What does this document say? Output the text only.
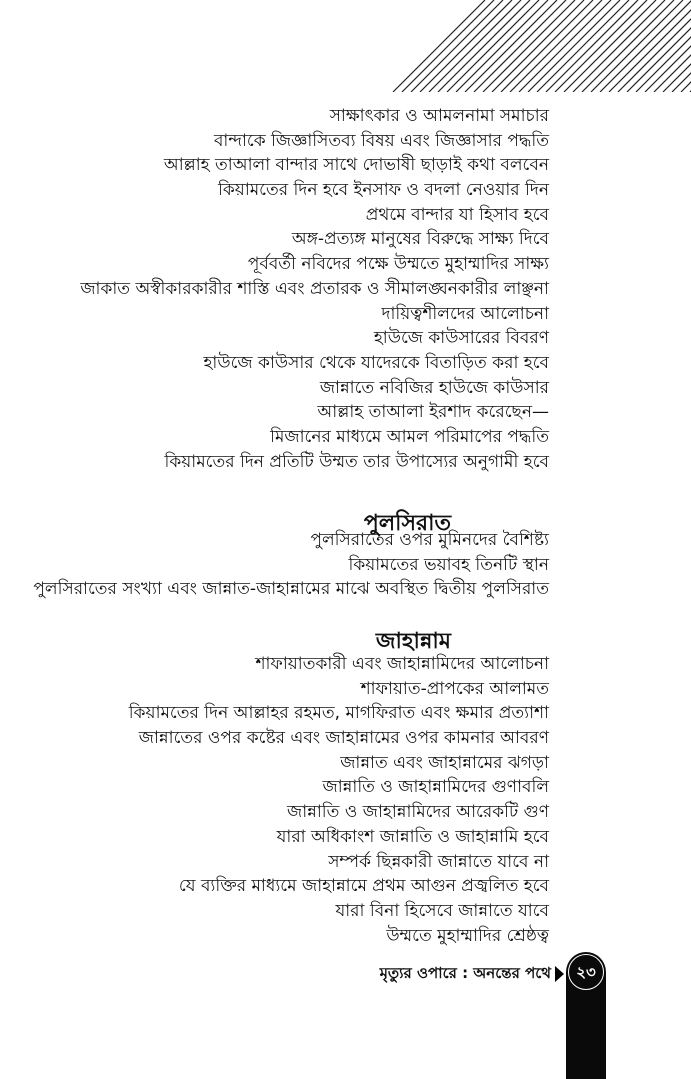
সাক্ষাৎকার ও আমলনামা সমাচার
বান্দাকে জিজ্ঞাসিতব্য বিষয় এবং জিজ্ঞাসার পদ্ধতি
আল্লাহ তাআলা বান্দার সাথে দোভাষী ছাড়াই কথা বলবেন
কিয়ামতের দিন হবে ইনসাফ ও বদলা নেওয়ার দিন
প্রথমে বান্দার যা হিসাব হবে
অঙ্গ-প্রত্যঙ্গ মানুষের বিরুদ্ধে সাক্ষ্য দিবে
পূর্ববর্তী নবিদের পক্ষে উম্মতে মুহাম্মাদির সাক্ষ্য
জাকাত অস্বীকারকারীর শাস্তি এবং প্রতারক ও সীমালঙ্ঘনকারীর লাঞ্ছনা
দায়িত্বশীলদের আলোচনা
হাউজে কাউসারের বিবরণ
হাউজে কাউসার থেকে যাদেরকে বিতাড়িত করা হবে
জান্নাতে নবিজির হাউজে কাউসার
আল্লাহ তাআলা ইরশাদ করেছেন—
মিজানের মাধ্যমে আমল পরিমাপের পদ্ধতি
কিয়ামতের দিন প্রতিটি উম্মত তার উপাস্যের অনুগামী হবে
পুলসিরাত
পুলসিরাতের ওপর মুমিনদের বৈশিষ্ট্য
কিয়ামতের ভয়াবহ তিনটি স্থান
পুলসিরাতের সংখ্যা এবং জান্নাত-জাহান্নামের মাঝে অবস্থিত দ্বিতীয় পুলসিরাত
জাহান্নাম
শাফায়াতকারী এবং জাহান্নামিদের আলোচনা
শাফায়াত-প্রাপকের আলামত
কিয়ামতের দিন আল্লাহর রহমত, মাগফিরাত এবং ক্ষমার প্রত্যাশা
জান্নাতের ওপর কষ্টের এবং জাহান্নামের ওপর কামনার আবরণ
জান্নাত এবং জাহান্নামের ঝগড়া
জান্নাতি ও জাহান্নামিদের গুণাবলি
জান্নাতি ও জাহান্নামিদের আরেকটি গুণ
যারা অধিকাংশ জান্নাতি ও জাহান্নামি হবে
সম্পর্ক ছিন্নকারী জান্নাতে যাবে না
যে ব্যক্তির মাধ্যমে জাহান্নামে প্রথম আগুন প্রজ্বলিত হবে
যারা বিনা হিসেবে জান্নাতে যাবে
উম্মতে মুহাম্মাদির শ্রেষ্ঠত্ব
মৃত্যুর ওপারে : অনন্তের পথে	২৩
